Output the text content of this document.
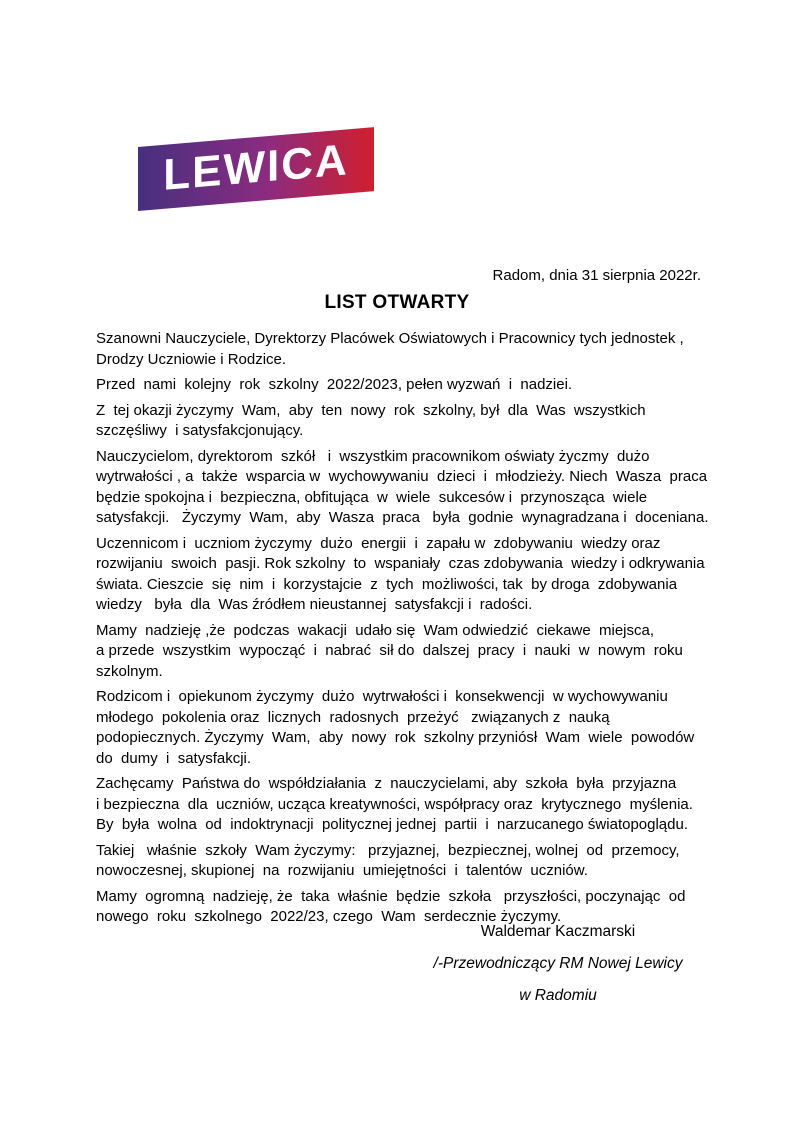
LEWICA
Radom, dnia 31 sierpnia 2022r.
LIST OTWARTY
Szanowni Nauczyciele, Dyrektorzy Placówek Oświatowych i Pracownicy tych jednostek ,
Drodzy Uczniowie i Rodzice.
Przed  nami  kolejny  rok  szkolny  2022/2023, pełen wyzwań  i  nadziei.
Z  tej okazji życzymy  Wam,  aby  ten  nowy  rok  szkolny, był  dla  Was  wszystkich
szczęśliwy  i satysfakcjonujący.
Nauczycielom, dyrektorom  szkół   i  wszystkim pracownikom oświaty życzmy  dużo
wytrwałości , a  także  wsparcia w  wychowywaniu  dzieci  i  młodzieży. Niech  Wasza  praca
będzie spokojna i  bezpieczna, obfitująca  w  wiele  sukcesów i  przynosząca  wiele
satysfakcji.   Życzymy  Wam,  aby  Wasza  praca   była  godnie  wynagradzana i  doceniana.
Uczennicom i  uczniom życzymy  dużo  energii  i  zapału w  zdobywaniu  wiedzy oraz
rozwijaniu  swoich  pasji. Rok szkolny  to  wspaniały  czas zdobywania  wiedzy i odkrywania
świata. Cieszcie  się  nim  i  korzystajcie  z  tych  możliwości, tak  by droga  zdobywania
wiedzy   była  dla  Was źródłem nieustannej  satysfakcji i  radości.
Mamy  nadzieję ,że  podczas  wakacji  udało się  Wam odwiedzić  ciekawe  miejsca,
a przede  wszystkim  wypocząć  i  nabrać  sił do  dalszej  pracy  i  nauki  w  nowym  roku
szkolnym.
Rodzicom i  opiekunom życzymy  dużo  wytrwałości i  konsekwencji  w wychowywaniu
młodego  pokolenia oraz  licznych  radosnych  przeżyć   związanych z  nauką
podopiecznych. Życzymy  Wam,  aby  nowy  rok  szkolny przyniósł  Wam  wiele  powodów
do  dumy  i  satysfakcji.
Zachęcamy  Państwa do  współdziałania  z  nauczycielami, aby  szkoła  była  przyjazna
i bezpieczna  dla  uczniów, ucząca kreatywności, współpracy oraz  krytycznego  myślenia.
By  była  wolna  od  indoktrynacji  politycznej jednej  partii  i  narzucanego światopoglądu.
Takiej   właśnie  szkoły  Wam życzymy:   przyjaznej,  bezpiecznej, wolnej  od  przemocy,
nowoczesnej, skupionej  na  rozwijaniu  umiejętności  i  talentów  uczniów.
Mamy  ogromną  nadzieję, że  taka  właśnie  będzie  szkoła   przyszłości, poczynając  od
nowego  roku  szkolnego  2022/23, czego  Wam  serdecznie życzymy.
Waldemar Kaczmarski
/-Przewodniczący RM Nowej Lewicy
w Radomiu
